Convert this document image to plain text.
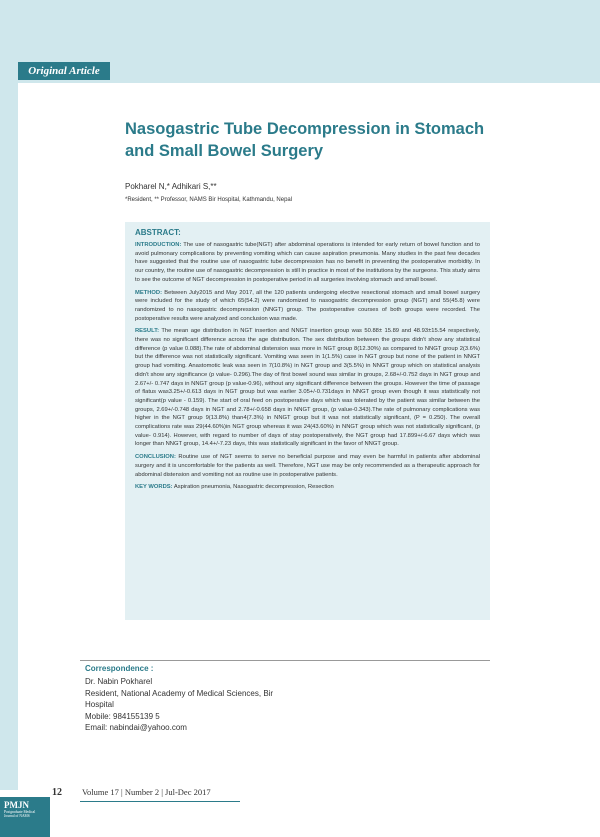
Original Article
Nasogastric Tube Decompression in Stomach
and Small Bowel Surgery
Pokharel N,* Adhikari S,**
*Resident, ** Professor, NAMS Bir Hospital, Kathmandu, Nepal
ABSTRACT:

INTRODUCTION: The use of nasogastric tube(NGT) after abdominal operations is intended for early return of bowel function and to avoid pulmonary complications by preventing vomiting which can cause aspiration pneumonia. Many studies in the past few decades have suggested that the routine use of nasogastric tube decompression has no benefit in preventing the postoperative morbidity. In our country, the routine use of nasogastric decompression is still in practice in most of the institutions by the surgeons. This study aims to see the outcome of NGT decompression in postoperative period in all surgeries involving stomach and small bowel.

METHOD: Between July2015 and May 2017, all the 120 patients undergoing elective resectional stomach and small bowel surgery were included for the study of which 65(54.2) were randomized to nasogastric decompression group (NGT) and 55(45.8) were randomized to no nasogastric decompression (NNGT) group. The postoperative courses of both groups were recorded. The postoperative results were analyzed and conclusion was made.

RESULT: The mean age distribution in NGT insertion and NNGT insertion group was 50.88± 15.89 and 48.93±15.54 respectively, there was no significant difference across the age distribution. The sex distribution between the groups didn't show any statistical difference (p value 0.088).The rate of abdominal distension was more in NGT group 8(12.30%) as compared to NNGT group 2(3.6%) but the difference was not statistically significant. Vomiting was seen in 1(1.5%) case in NGT group but none of the patient in NNGT group had vomiting. Anastomotic leak was seen in 7(10.8%) in NGT group and 3(5.5%) in NNGT group which on statistical analysis didn't show any significance (p value- 0.296).The day of first bowel sound was similar in groups, 2.68+/-0.752 days in NGT group and 2.67+/- 0.747 days in NNGT group (p value-0.96), without any significant difference between the groups. However the time of passage of flatus was3.25+/-0.613 days in NGT group but was earlier 3.05+/-0.731days in NNGT group even though it was statistically not significant(p value - 0.159). The start of oral feed on postoperative days which was tolerated by the patient was similar between the groups, 2.69+/-0.748 days in NGT and 2.78+/-0.658 days in NNGT group, (p value-0.343).The rate of pulmonary complications was higher in the NGT group 9(13.8%) than4(7.3%) in NNGT group but it was not statistically significant, (P = 0.250). The overall complications rate was 29(44.60%)in NGT group whereas it was 24(43.60%) in NNGT group which was not statistically significant, (p value- 0.914). However, with regard to number of days of stay postoperatively, the NGT group had 17.899+/-6.67 days which was longer than NNGT group, 14.4+/-7.23 days, this was statistically significant in the favor of NNGT group.

CONCLUSION: Routine use of NGT seems to serve no beneficial purpose and may even be harmful in patients after abdominal surgery and it is uncomfortable for the patients as well. Therefore, NGT use may be only recommended as a therapeutic approach for abdominal distension and vomiting not as routine use in postoperative patients.

KEY WORDS: Aspiration pneumonia, Nasogastric decompression, Resection

Correspondence :
Dr. Nabin Pokharel
Resident, National Academy of Medical Sciences, Bir
Hospital
Mobile: 984155139 5
Email: nabindai@yahoo.com
12 Volume 17 | Number 2 | Jul-Dec 2017
PMJN
Postgraduate Medical Journal of NAMS
